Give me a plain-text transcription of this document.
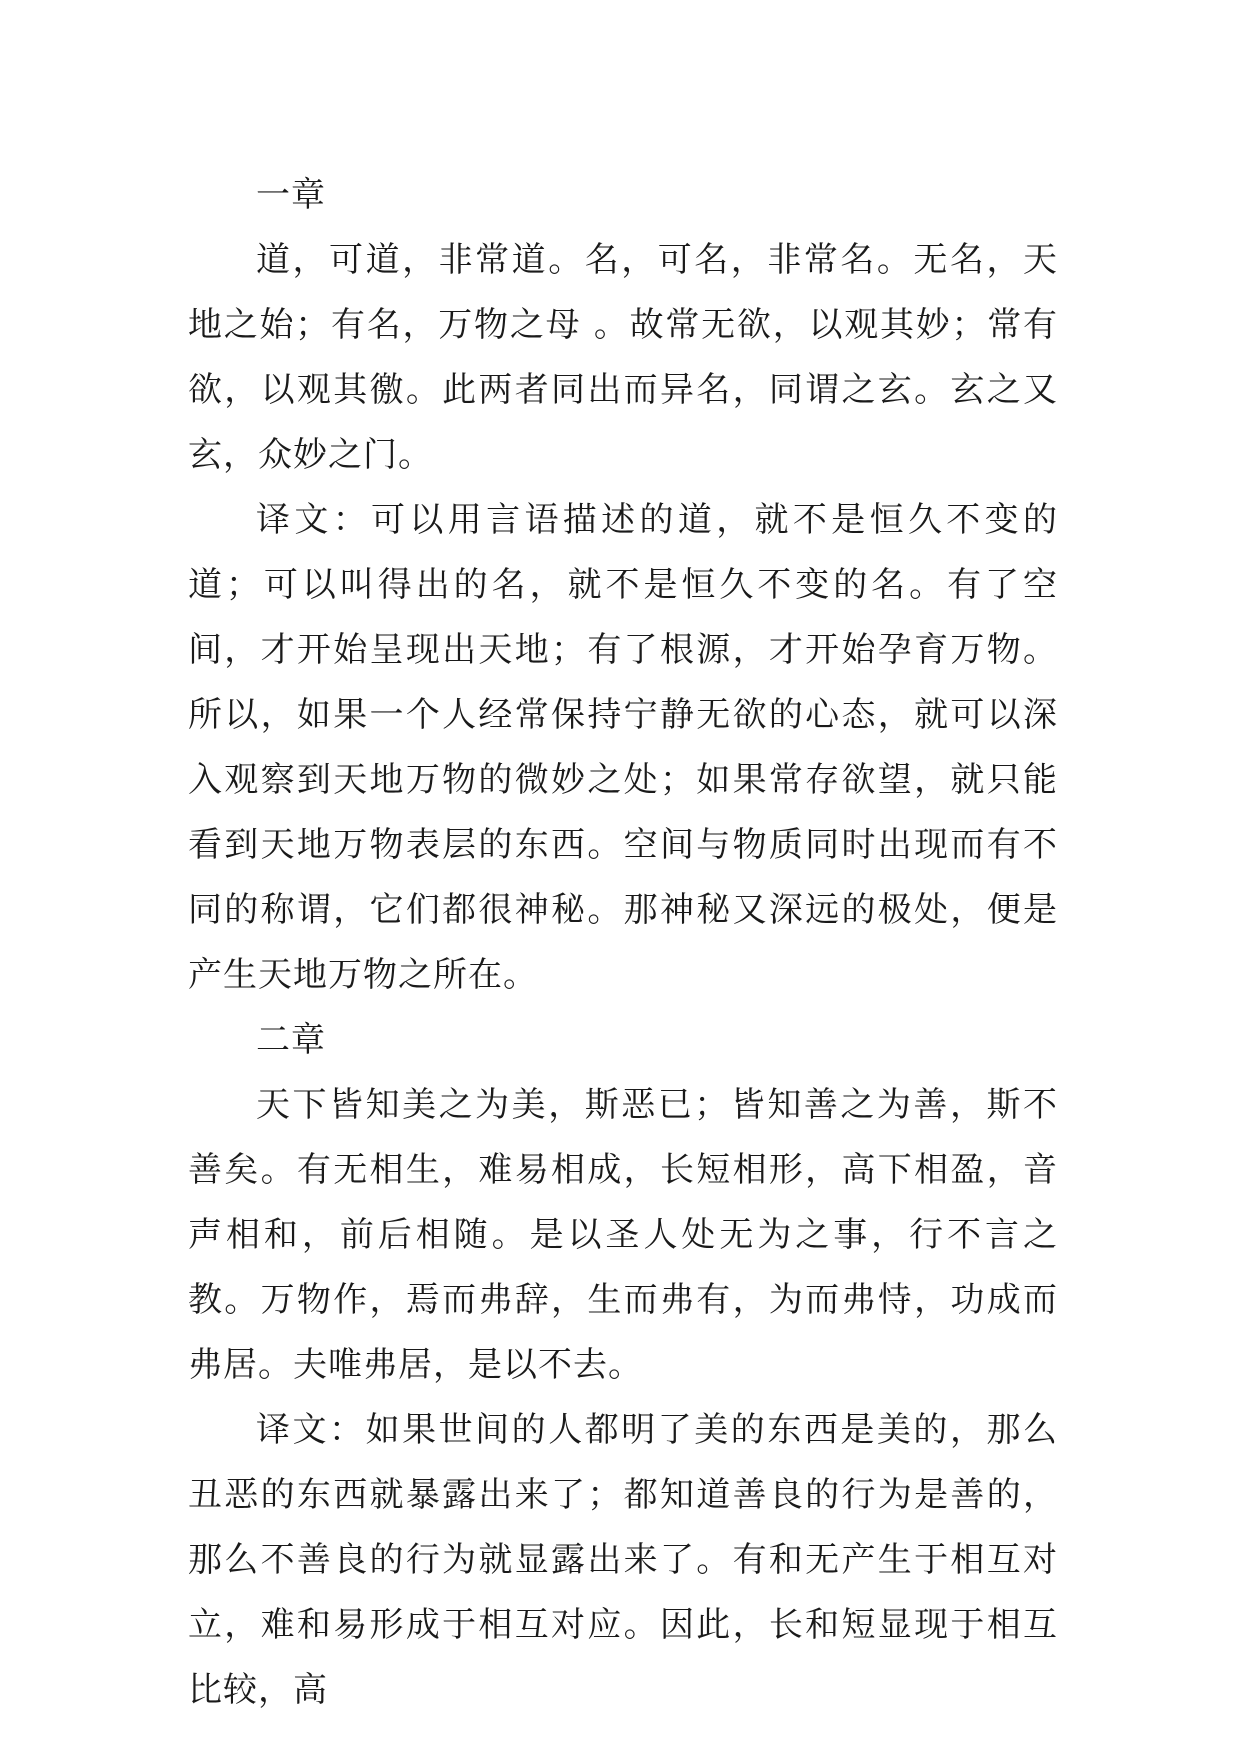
一章

道，可道，非常道。名，可名，非常名。无名，天地之始；有名，万物之母 。故常无欲，以观其妙；常有欲，以观其徼。此两者同出而异名，同谓之玄。玄之又玄，众妙之门。

译文：可以用言语描述的道，就不是恒久不变的道；可以叫得出的名，就不是恒久不变的名。有了空间，才开始呈现出天地；有了根源，才开始孕育万物。所以，如果一个人经常保持宁静无欲的心态，就可以深入观察到天地万物的微妙之处；如果常存欲望，就只能看到天地万物表层的东西。空间与物质同时出现而有不同的称谓，它们都很神秘。那神秘又深远的极处，便是产生天地万物之所在。

二章

天下皆知美之为美，斯恶已；皆知善之为善，斯不善矣。有无相生，难易相成，长短相形，高下相盈，音声相和，前后相随。是以圣人处无为之事，行不言之教。万物作，焉而弗辞，生而弗有，为而弗恃，功成而弗居。夫唯弗居，是以不去。

译文：如果世间的人都明了美的东西是美的，那么丑恶的东西就暴露出来了；都知道善良的行为是善的，那么不善良的行为就显露出来了。有和无产生于相互对立，难和易形成于相互对应。因此，长和短显现于相互比较，高
